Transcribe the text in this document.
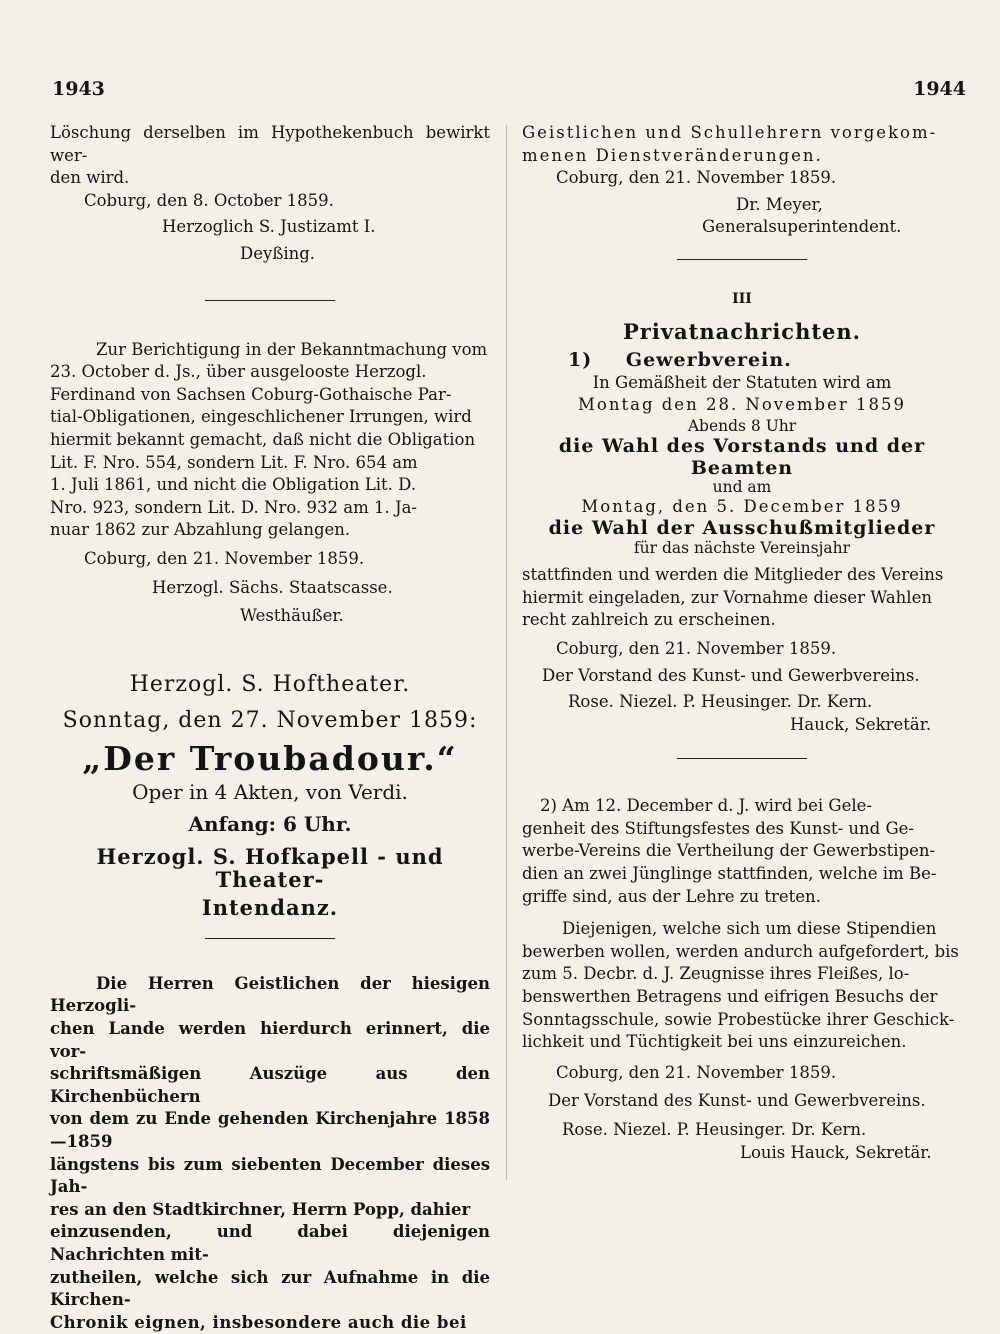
1943	1944

Löschung derselben im Hypothekenbuch bewirkt wer-

den wird.

Coburg, den 8. October 1859.

Herzoglich S. Justizamt I.

Deyßing.

Zur Berichtigung in der Bekanntmachung vom

23. October d. Js., über ausgelooste Herzogl.

Ferdinand von Sachsen Coburg-Gothaische Par-

tial-Obligationen, eingeschlichener Irrungen, wird

hiermit bekannt gemacht, daß nicht die Obligation

Lit. F. Nro. 554, sondern Lit. F. Nro. 654 am

1. Juli 1861, und nicht die Obligation Lit. D.

Nro. 923, sondern Lit. D. Nro. 932 am 1. Ja-

nuar 1862 zur Abzahlung gelangen.

Coburg, den 21. November 1859.

Herzogl. Sächs. Staatscasse.

Westhäußer.

Herzogl. S. Hoftheater.

Sonntag, den 27. November 1859:

„Der Troubadour.“

Oper in 4 Akten, von Verdi.

Anfang: 6 Uhr.

Herzogl. S. Hofkapell - und Theater-

Intendanz.

Die Herren Geistlichen der hiesigen Herzogli-

chen Lande werden hierdurch erinnert, die vor-

schriftsmäßigen Auszüge aus den Kirchenbüchern

von dem zu Ende gehenden Kirchenjahre 1858—1859

längstens bis zum siebenten December dieses Jah-

res an den Stadtkirchner, Herrn Popp, dahier

einzusenden, und dabei diejenigen Nachrichten mit-

zutheilen, welche sich zur Aufnahme in die Kirchen-

Chronik eignen, insbesondere auch die bei

Geistlichen und Schullehrern vorgekom-

menen Dienstveränderungen.

Coburg, den 21. November 1859.

Dr. Meyer,

Generalsuperintendent.

III

Privatnachrichten.

1) Gewerbverein.

In Gemäßheit der Statuten wird am

Montag den 28. November 1859

Abends 8 Uhr

die Wahl des Vorstands und der

Beamten

und am

Montag, den 5. December 1859

die Wahl der Ausschußmitglieder

für das nächste Vereinsjahr

stattfinden und werden die Mitglieder des Vereins

hiermit eingeladen, zur Vornahme dieser Wahlen

recht zahlreich zu erscheinen.

Coburg, den 21. November 1859.

Der Vorstand des Kunst- und Gewerbvereins.

Rose. Niezel. P. Heusinger. Dr. Kern.

Hauck, Sekretär.

2) Am 12. December d. J. wird bei Gele-

genheit des Stiftungsfestes des Kunst- und Ge-

werbe-Vereins die Vertheilung der Gewerbstipen-

dien an zwei Jünglinge stattfinden, welche im Be-

griffe sind, aus der Lehre zu treten.

Diejenigen, welche sich um diese Stipendien

bewerben wollen, werden andurch aufgefordert, bis

zum 5. Decbr. d. J. Zeugnisse ihres Fleißes, lo-

benswerthen Betragens und eifrigen Besuchs der

Sonntagsschule, sowie Probestücke ihrer Geschick-

lichkeit und Tüchtigkeit bei uns einzureichen.

Coburg, den 21. November 1859.

Der Vorstand des Kunst- und Gewerbvereins.

Rose. Niezel. P. Heusinger. Dr. Kern.

Louis Hauck, Sekretär.
